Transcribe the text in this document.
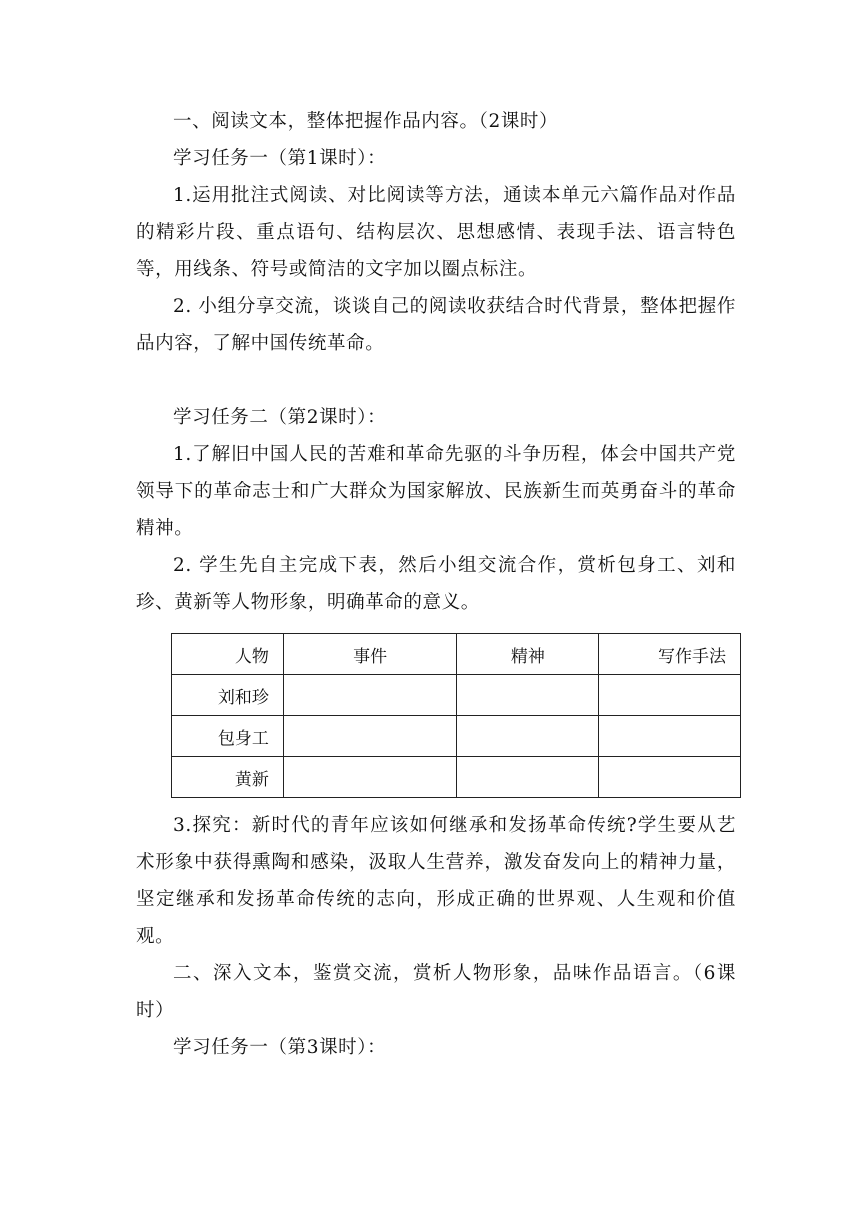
一、阅读文本，整体把握作品内容。（2课时）

学习任务一（第1课时）：

1.运用批注式阅读、对比阅读等方法，通读本单元六篇作品对作品的精彩片段、重点语句、结构层次、思想感情、表现手法、语言特色等，用线条、符号或简洁的文字加以圈点标注。

2. 小组分享交流，谈谈自己的阅读收获结合时代背景，整体把握作品内容，了解中国传统革命。

学习任务二（第2课时）：

1.了解旧中国人民的苦难和革命先驱的斗争历程，体会中国共产党领导下的革命志士和广大群众为国家解放、民族新生而英勇奋斗的革命精神。

2. 学生先自主完成下表，然后小组交流合作，赏析包身工、刘和珍、黄新等人物形象，明确革命的意义。

人物	事件	精神	写作手法
刘和珍			
包身工			
黄新			

3.探究：新时代的青年应该如何继承和发扬革命传统?学生要从艺术形象中获得熏陶和感染，汲取人生营养，激发奋发向上的精神力量，坚定继承和发扬革命传统的志向，形成正确的世界观、人生观和价值观。

二、深入文本，鉴赏交流，赏析人物形象，品味作品语言。（6课时）

学习任务一（第3课时）：
